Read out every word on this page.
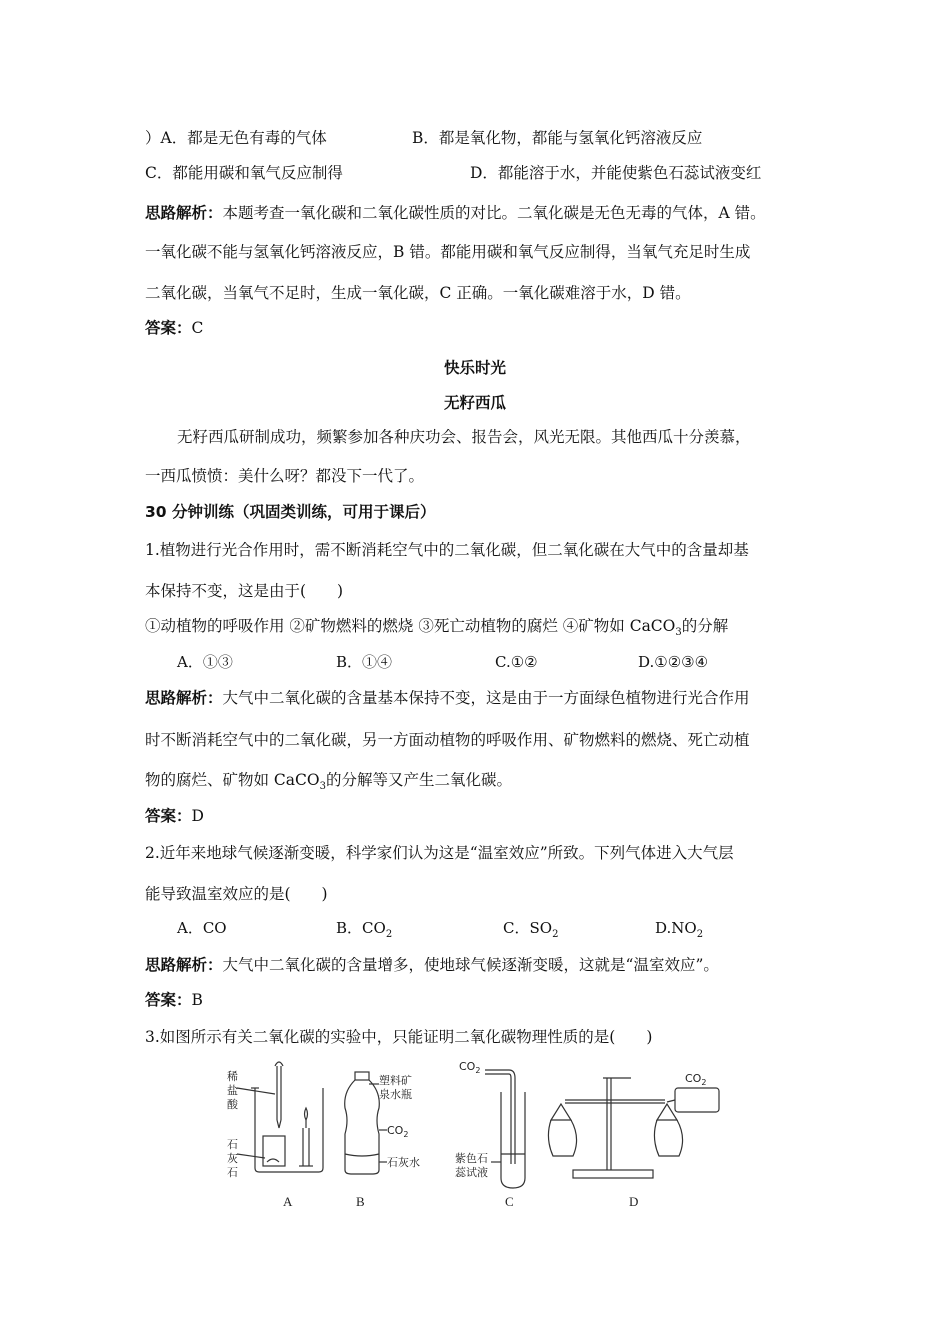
）A．都是无色有毒的气体	B．都是氧化物，都能与氢氧化钙溶液反应
C．都能用碳和氧气反应制得	D．都能溶于水，并能使紫色石蕊试液变红
思路解析：本题考查一氧化碳和二氧化碳性质的对比。二氧化碳是无色无毒的气体，A 错。
一氧化碳不能与氢氧化钙溶液反应，B 错。都能用碳和氧气反应制得，当氧气充足时生成
二氧化碳，当氧气不足时，生成一氧化碳，C 正确。一氧化碳难溶于水，D 错。
答案：C
快乐时光
无籽西瓜
无籽西瓜研制成功，频繁参加各种庆功会、报告会，风光无限。其他西瓜十分羡慕，
一西瓜愤愤：美什么呀？都没下一代了。
30 分钟训练（巩固类训练，可用于课后）
1.植物进行光合作用时，需不断消耗空气中的二氧化碳，但二氧化碳在大气中的含量却基
本保持不变，这是由于(　　)
①动植物的呼吸作用 ②矿物燃料的燃烧 ③死亡动植物的腐烂 ④矿物如 CaCO$_3$的分解
A．①③	B．①④	C.①②	D.①②③④
思路解析：大气中二氧化碳的含量基本保持不变，这是由于一方面绿色植物进行光合作用
时不断消耗空气中的二氧化碳，另一方面动植物的呼吸作用、矿物燃料的燃烧、死亡动植
物的腐烂、矿物如 CaCO$_3$的分解等又产生二氧化碳。
答案：D
2.近年来地球气候逐渐变暖，科学家们认为这是“温室效应”所致。下列气体进入大气层
能导致温室效应的是(　　)
A．CO	B．$CO_2$	C．$SO_2$	$D.NO_2$
思路解析：大气中二氧化碳的含量增多，使地球气候逐渐变暖，这就是“温室效应”。
答案：B
3.如图所示有关二氧化碳的实验中，只能证明二氧化碳物理性质的是(　　)
稀
盐
酸
石
灰
石
塑料矿
泉水瓶
$CO_2$
石灰水
$CO_2$
紫色石
蕊试液
$CO_2$
A	B	C	D
